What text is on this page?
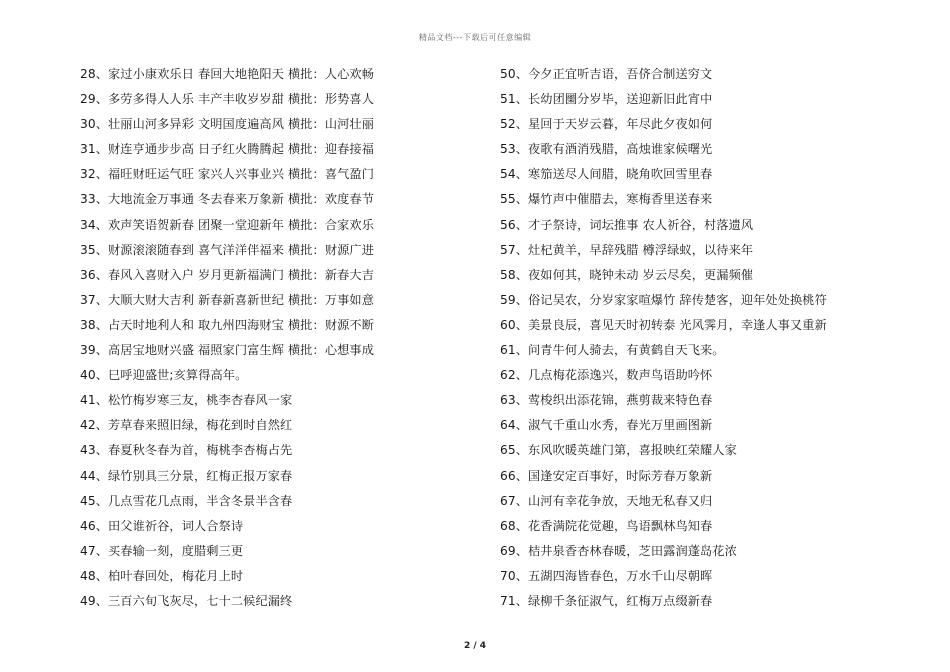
精品文档---下载后可任意编辑
28、家过小康欢乐日 春回大地艳阳天 横批：人心欢畅
29、多劳多得人人乐 丰产丰收岁岁甜 横批：形势喜人
30、壮丽山河多异彩 文明国度遍高风 横批：山河壮丽
31、财连亨通步步高 日子红火腾腾起 横批：迎春接福
32、福旺财旺运气旺 家兴人兴事业兴 横批：喜气盈门
33、大地流金万事通 冬去春来万象新 横批：欢度春节
34、欢声笑语贺新春 团聚一堂迎新年 横批：合家欢乐
35、财源滚滚随春到 喜气洋洋伴福来 横批：财源广进
36、春风入喜财入户 岁月更新福满门 横批：新春大吉
37、大顺大财大吉利 新春新喜新世纪 横批：万事如意
38、占天时地利人和 取九州四海财宝 横批：财源不断
39、高居宝地财兴盛 福照家门富生辉 横批：心想事成
40、巳呼迎盛世;亥算得高年。
41、松竹梅岁寒三友，桃李杏春风一家
42、芳草春来照旧绿，梅花到时自然红
43、春夏秋冬春为首，梅桃李杏梅占先
44、绿竹别具三分景，红梅正报万家春
45、几点雪花几点雨，半含冬景半含春
46、田父谁祈谷，词人合祭诗
47、买春输一刻，度腊剩三更
48、柏叶春回处，梅花月上时
49、三百六旬飞灰尽，七十二候纪漏终
50、今夕正宜听吉语，吾侪合制送穷文
51、长幼团圞分岁毕，送迎新旧此宵中
52、星回于天岁云暮，年尽此夕夜如何
53、夜歌有酒消残腊，高烛谁家候曙光
54、寒笳送尽人间腊，晓角吹回雪里春
55、爆竹声中催腊去，寒梅香里送春来
56、才子祭诗，词坛推事 农人祈谷，村落遗风
57、灶杞黄羊，早辞残腊 樽浮绿蚁，以待来年
58、夜如何其，晓钟未动 岁云尽矣，更漏频催
59、俗记吴农，分岁家家喧爆竹 辞传楚客，迎年处处换桃符
60、美景良辰，喜见天时初转泰 光风霁月，幸逢人事又重新
61、问青牛何人骑去，有黄鹤自天飞来。
62、几点梅花添逸兴，数声鸟语助吟怀
63、莺梭织出添花锦，燕剪裁来特色春
64、淑气千重山水秀，春光万里画图新
65、东风吹暖英雄门第，喜报映红荣耀人家
66、国逢安定百事好，时际芳春万象新
67、山河有幸花争放，天地无私春又归
68、花香满院花觉趣，鸟语飘林鸟知春
69、桔井泉香杏林春暖，芝田露润蓬岛花浓
70、五湖四海皆春色，万水千山尽朝晖
71、绿柳千条征淑气，红梅万点缀新春
2 / 4
